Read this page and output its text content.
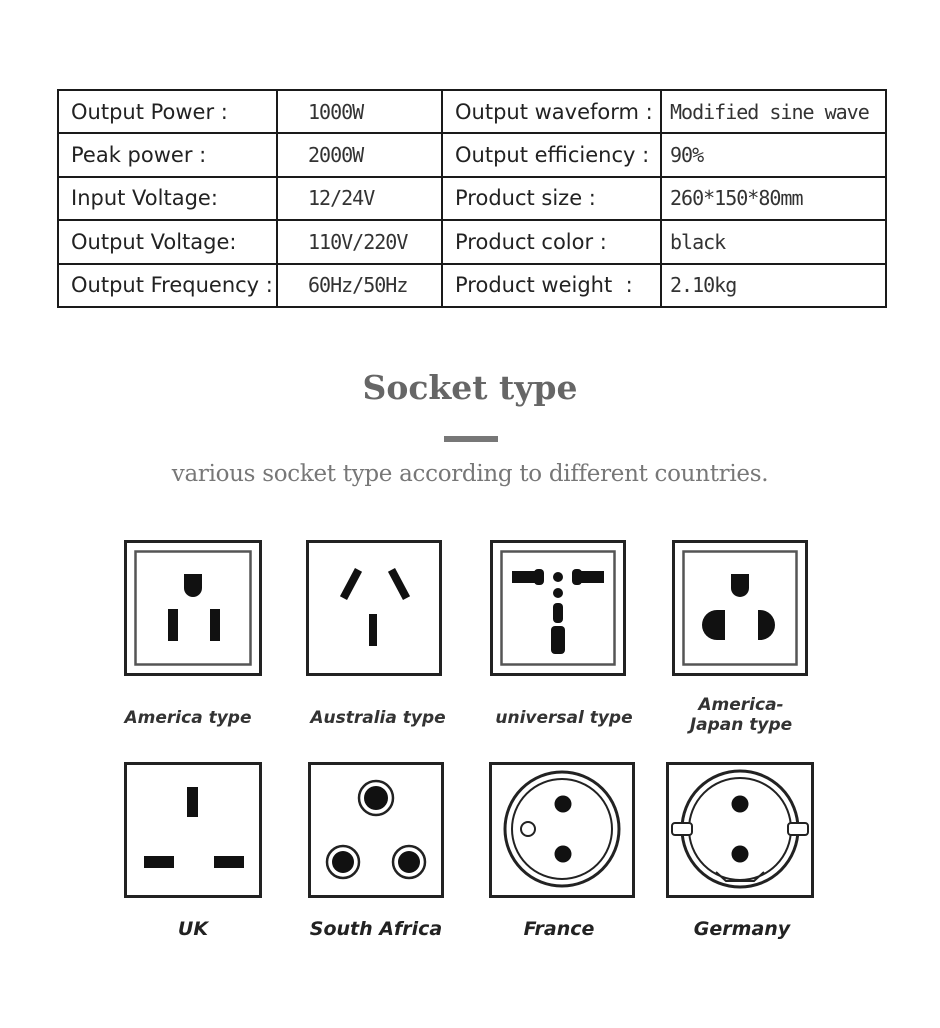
Output Power :	1000W	Output waveform :	Modified sine wave
Peak power :	2000W	Output efficiency :	90%
Input Voltage:	12/24V	Product size :	260*150*80mm
Output Voltage:	110V/220V	Product color :	black
Output Frequency :	60Hz/50Hz	Product weight  :	2.10kg
Socket type
various socket type according to different countries.
America type	Australia type	universal type
America-
Japan type
UK	South Africa	France	Germany
